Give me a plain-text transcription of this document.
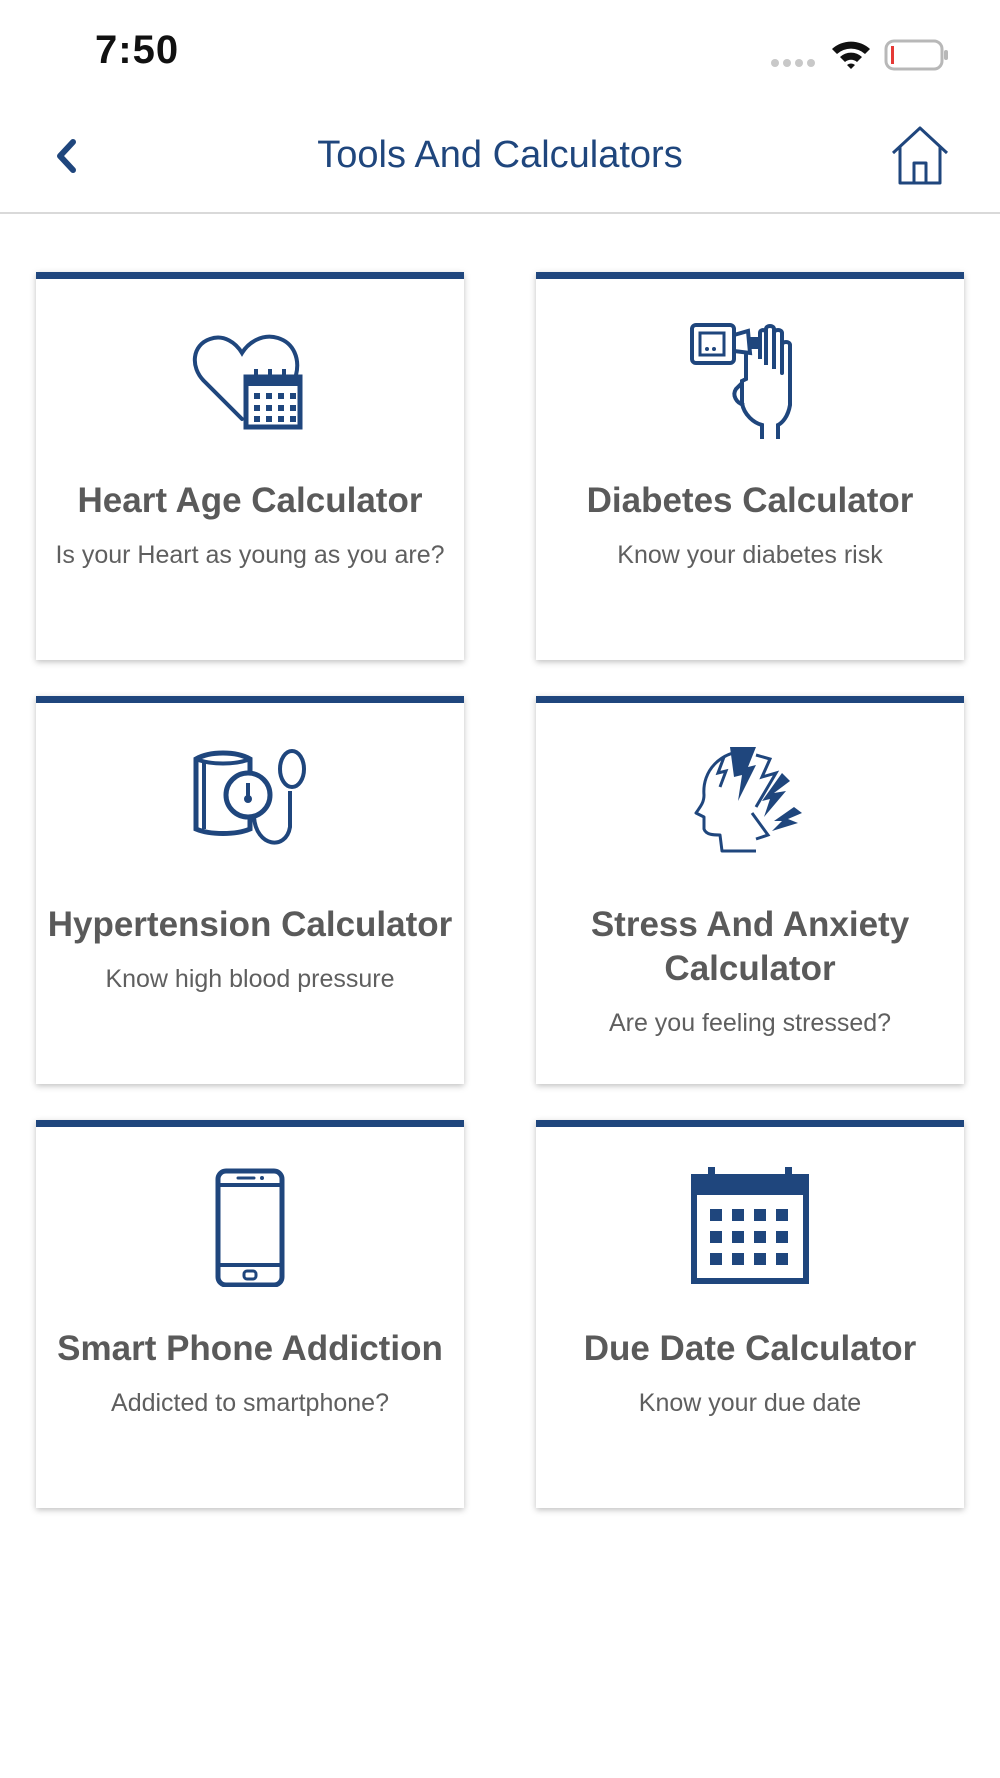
7:50
Tools And Calculators
Heart Age Calculator
Is your Heart as young as you are?
Diabetes Calculator
Know your diabetes risk
Hypertension Calculator
Know high blood pressure
Stress And Anxiety Calculator
Are you feeling stressed?
Smart Phone Addiction
Addicted to smartphone?
Due Date Calculator
Know your due date
